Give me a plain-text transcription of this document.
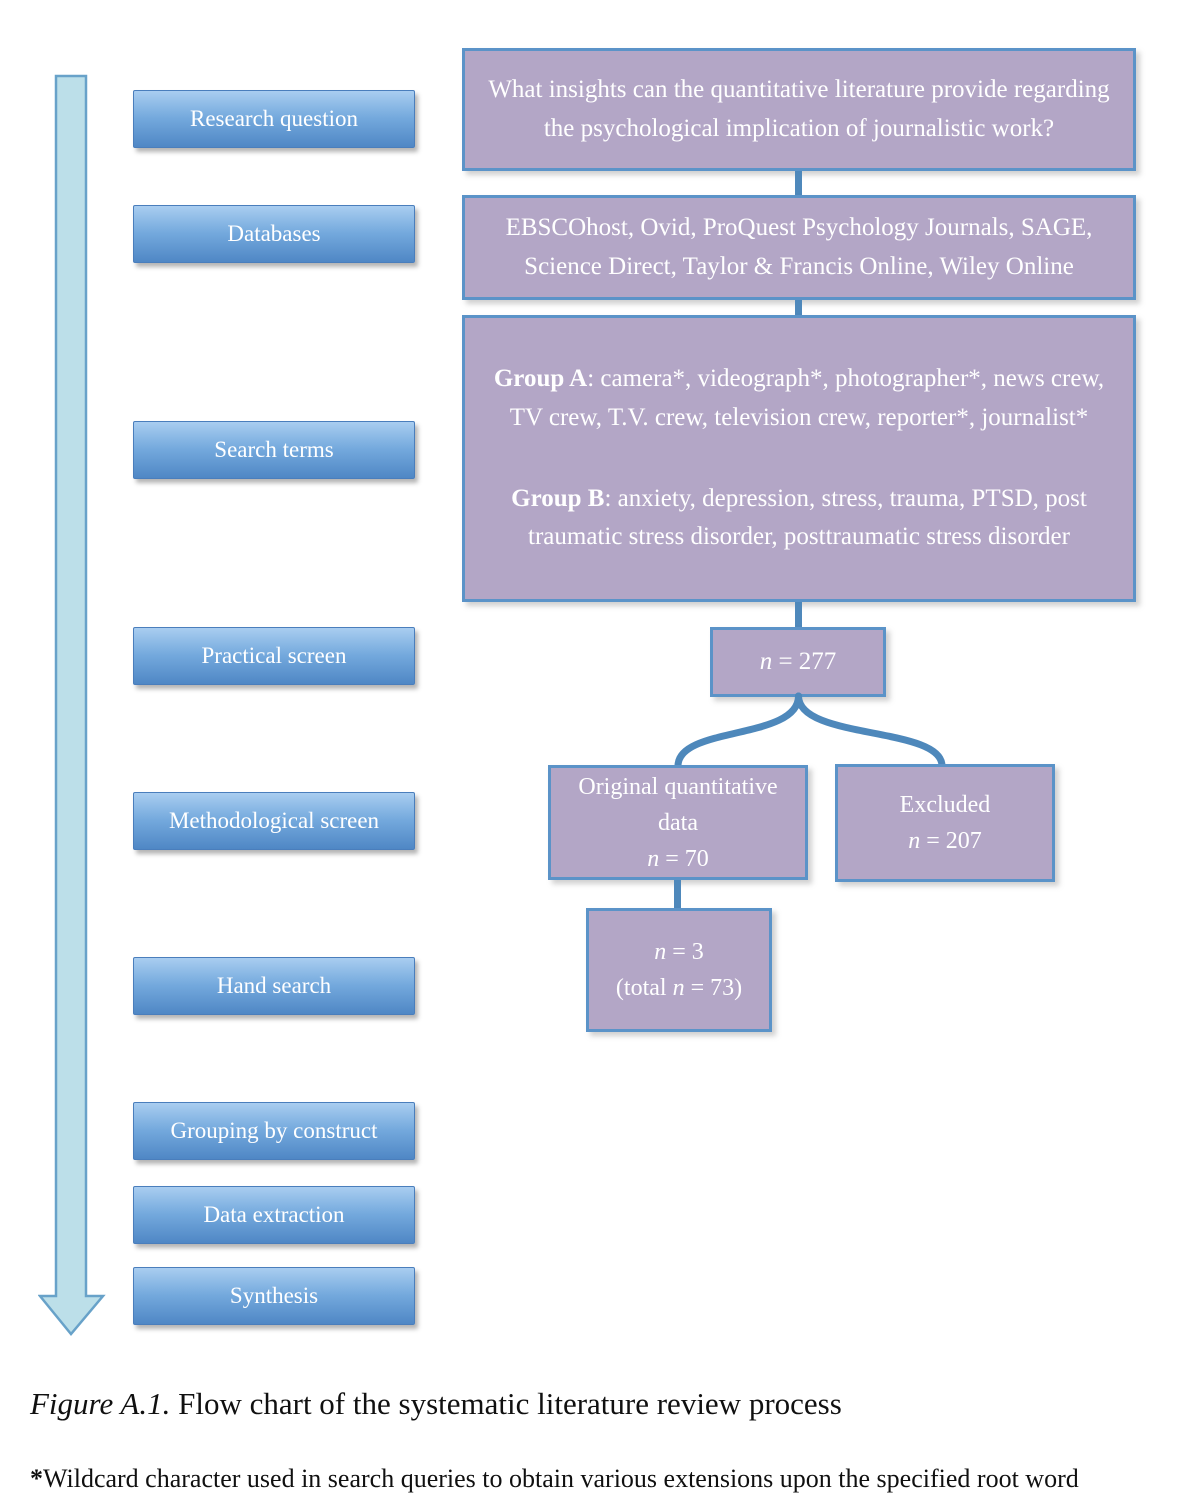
Research question
Databases
Search terms
Practical screen
Methodological screen
Hand search
Grouping by construct
Data extraction
Synthesis
What insights can the quantitative literature provide regarding the psychological implication of journalistic work?
EBSCOhost, Ovid, ProQuest Psychology Journals, SAGE, Science Direct, Taylor & Francis Online, Wiley Online

Group A: camera*, videograph*, photographer*, news crew, TV crew, T.V. crew, television crew, reporter*, journalist*

Group B: anxiety, depression, stress, trauma, PTSD, post traumatic stress disorder, posttraumatic stress disorder

n = 277
Original quantitative
data
n = 70
Excluded
n = 207
n = 3
(total n = 73)
Figure A.1. Flow chart of the systematic literature review process
*Wildcard character used in search queries to obtain various extensions upon the specified root word
